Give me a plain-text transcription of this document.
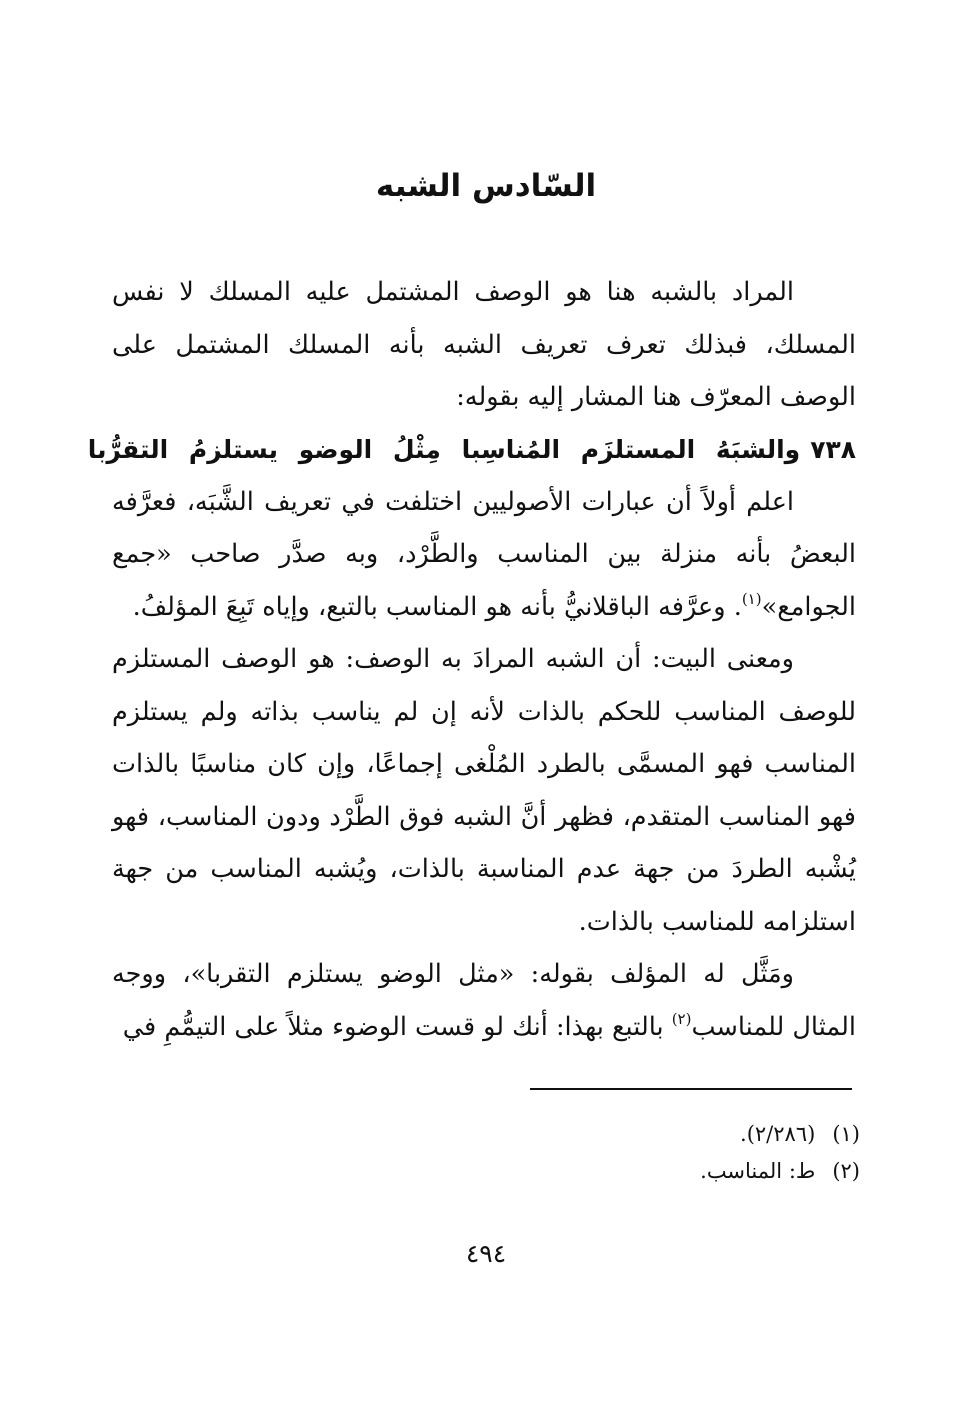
السّادس الشبه

المراد بالشبه هنا هو الوصف المشتمل عليه المسلك لا نفس المسلك، فبذلك تعرف تعريف الشبه بأنه المسلك المشتمل على الوصف المعرّف هنا المشار إليه بقوله:

٧٣٨والشبَهُ المستلزَم المُناسِبا مِثْلُ الوضو يستلزمُ التقرُّبا

اعلم أولاً أن عبارات الأصوليين اختلفت في تعريف الشَّبَه، فعرَّفه البعضُ بأنه منزلة بين المناسب والطَّرْد، وبه صدَّر صاحب «جمع الجوامع»$^{(١)}$. وعرَّفه الباقلانيُّ بأنه هو المناسب بالتبع، وإياه تَبِعَ المؤلفُ.

ومعنى البيت: أن الشبه المرادَ به الوصف: هو الوصف المستلزم للوصف المناسب للحكم بالذات لأنه إن لم يناسب بذاته ولم يستلزم المناسب فهو المسمَّى بالطرد المُلْغى إجماعًا، وإن كان مناسبًا بالذات فهو المناسب المتقدم، فظهر أنَّ الشبه فوق الطَّرْد ودون المناسب، فهو يُشْبه الطردَ من جهة عدم المناسبة بالذات، ويُشبه المناسب من جهة استلزامه للمناسب بالذات.

ومَثَّل له المؤلف بقوله: «مثل الوضو يستلزم التقربا»، ووجه المثال للمناسب$^{(٢)}$ بالتبع بهذا: أنك لو قست الوضوء مثلاً على التيمُّمِ في

(١) (٢/٢٨٦).
(٢) ط: المناسب.
٤٩٤
